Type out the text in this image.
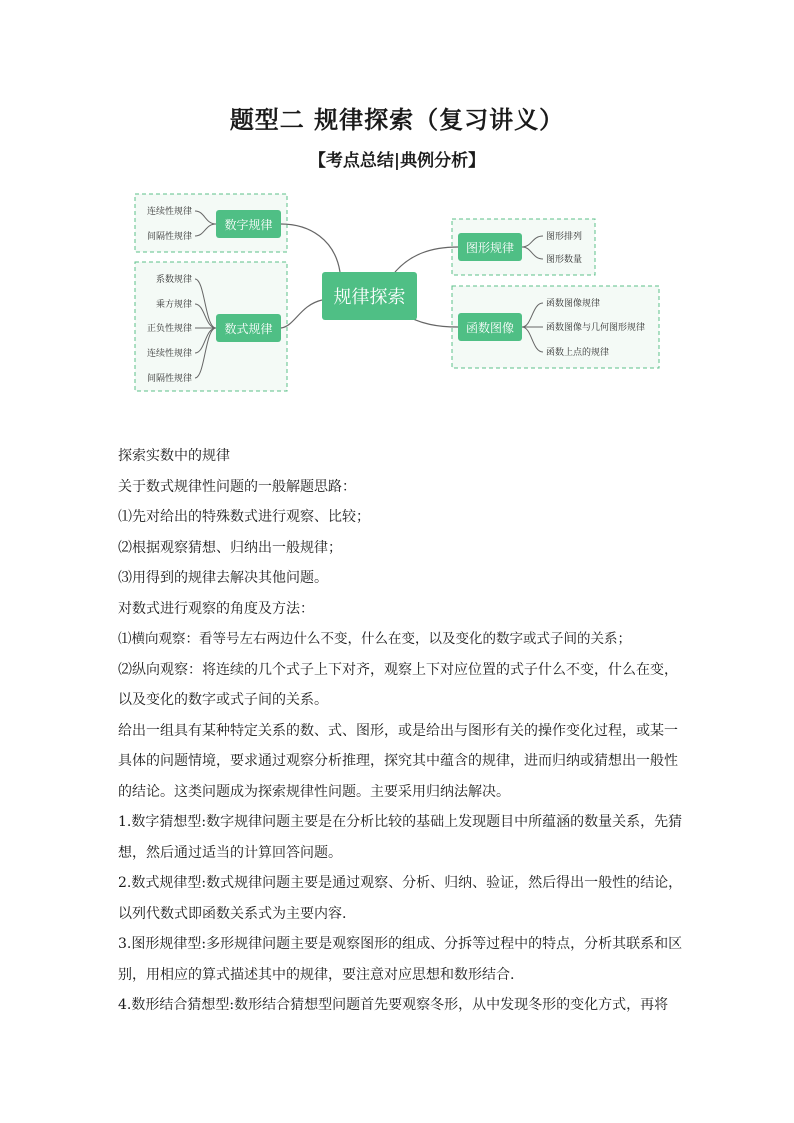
题型二 规律探索（复习讲义）
【考点总结|典例分析】
规律探索
数字规律
数式规律
图形规律
函数图像
连续性规律
间隔性规律
系数规律
乘方规律
正负性规律
连续性规律
间隔性规律
图形排列
图形数量
函数图像规律
函数图像与几何图形规律
函数上点的规律

探索实数中的规律

关于数式规律性问题的一般解题思路：

⑴先对给出的特殊数式进行观察、比较；

⑵根据观察猜想、归纳出一般规律；

⑶用得到的规律去解决其他问题。

对数式进行观察的角度及方法：

⑴横向观察：看等号左右两边什么不变，什么在变，以及变化的数字或式子间的关系；

⑵纵向观察：将连续的几个式子上下对齐，观察上下对应位置的式子什么不变，什么在变，以及变化的数字或式子间的关系。

给出一组具有某种特定关系的数、式、图形，或是给出与图形有关的操作变化过程，或某一具体的问题情境，要求通过观察分析推理，探究其中蕴含的规律，进而归纳或猜想出一般性的结论。这类问题成为探索规律性问题。主要采用归纳法解决。

1.数字猜想型:数字规律问题主要是在分析比较的基础上发现题目中所蕴涵的数量关系，先猜想，然后通过适当的计算回答问题。

2.数式规律型:数式规律问题主要是通过观察、分析、归纳、验证，然后得出一般性的结论，以列代数式即函数关系式为主要内容.

3.图形规律型:多形规律问题主要是观察图形的组成、分拆等过程中的特点，分析其联系和区别，用相应的算式描述其中的规律，要注意对应思想和数形结合.

4.数形结合猜想型:数形结合猜想型问题首先要观察冬形，从中发现冬形的变化方式，再将
